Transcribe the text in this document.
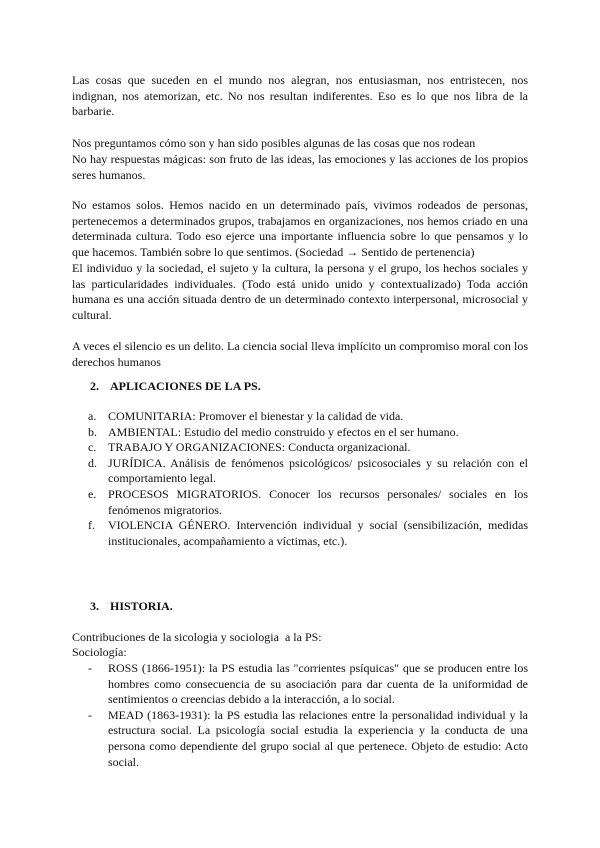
Las cosas que suceden en el mundo nos alegran, nos entusiasman, nos entristecen, nos indignan, nos atemorizan, etc. No nos resultan indiferentes. Eso es lo que nos libra de la barbarie.

Nos preguntamos cómo son y han sido posibles algunas de las cosas que nos rodean

No hay respuestas mágicas: son fruto de las ideas, las emociones y las acciones de los propios seres humanos.

No estamos solos. Hemos nacido en un determinado país, vivimos rodeados de personas, pertenecemos a determinados grupos, trabajamos en organizaciones, nos hemos criado en una determinada cultura. Todo eso ejerce una importante influencia sobre lo que pensamos y lo que hacemos. También sobre lo que sentimos. (Sociedad → Sentido de pertenencia)

El individuo y la sociedad, el sujeto y la cultura, la persona y el grupo, los hechos sociales y las particularidades individuales. (Todo está unido unido y contextualizado) Toda acción humana es una acción situada dentro de un determinado contexto interpersonal, microsocial y cultural.

A veces el silencio es un delito. La ciencia social lleva implícito un compromiso moral con los derechos humanos

2. APLICACIONES DE LA PS.
a. COMUNITARIA: Promover el bienestar y la calidad de vida.
b. AMBIENTAL: Estudio del medio construido y efectos en el ser humano.
c. TRABAJO Y ORGANIZACIONES: Conducta organizacional.
d. JURÍDICA. Análisis de fenómenos psicológicos/ psicosociales y su relación con el comportamiento legal.
e. PROCESOS MIGRATORIOS. Conocer los recursos personales/ sociales en los fenómenos migratorios.
f. VIOLENCIA GÉNERO. Intervención individual y social (sensibilización, medidas institucionales, acompañamiento a víctimas, etc.).
3. HISTORIA.

Contribuciones de la sicologia y sociologia  a la PS:

Sociología:

- ROSS (1866-1951): la PS estudia las "corrientes psíquicas" que se producen entre los hombres como consecuencia de su asociación para dar cuenta de la uniformidad de sentimientos o creencias debido a la interacción, a lo social.
- MEAD (1863-1931): la PS estudia las relaciones entre la personalidad individual y la estructura social. La psicología social estudia la experiencia y la conducta de una persona como dependiente del grupo social al que pertenece. Objeto de estudio: Acto social.
